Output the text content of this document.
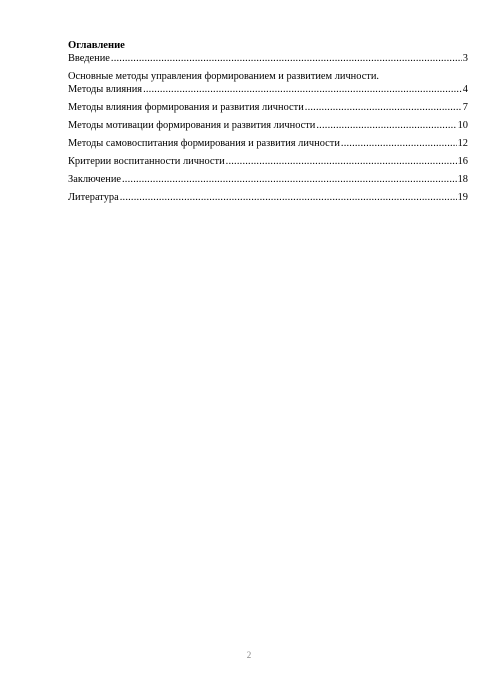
Оглавление
Введение .....	3
Основные методы управления формированием и развитием личности.
Методы влияния .....	4
Методы влияния формирования и развития личности .....	7
Методы мотивации формирования и развития личности .....	10
Методы самовоспитания формирования и развития личности .....	12
Критерии воспитанности личности .....	16
Заключение .....	18
Литература .....	19
2
